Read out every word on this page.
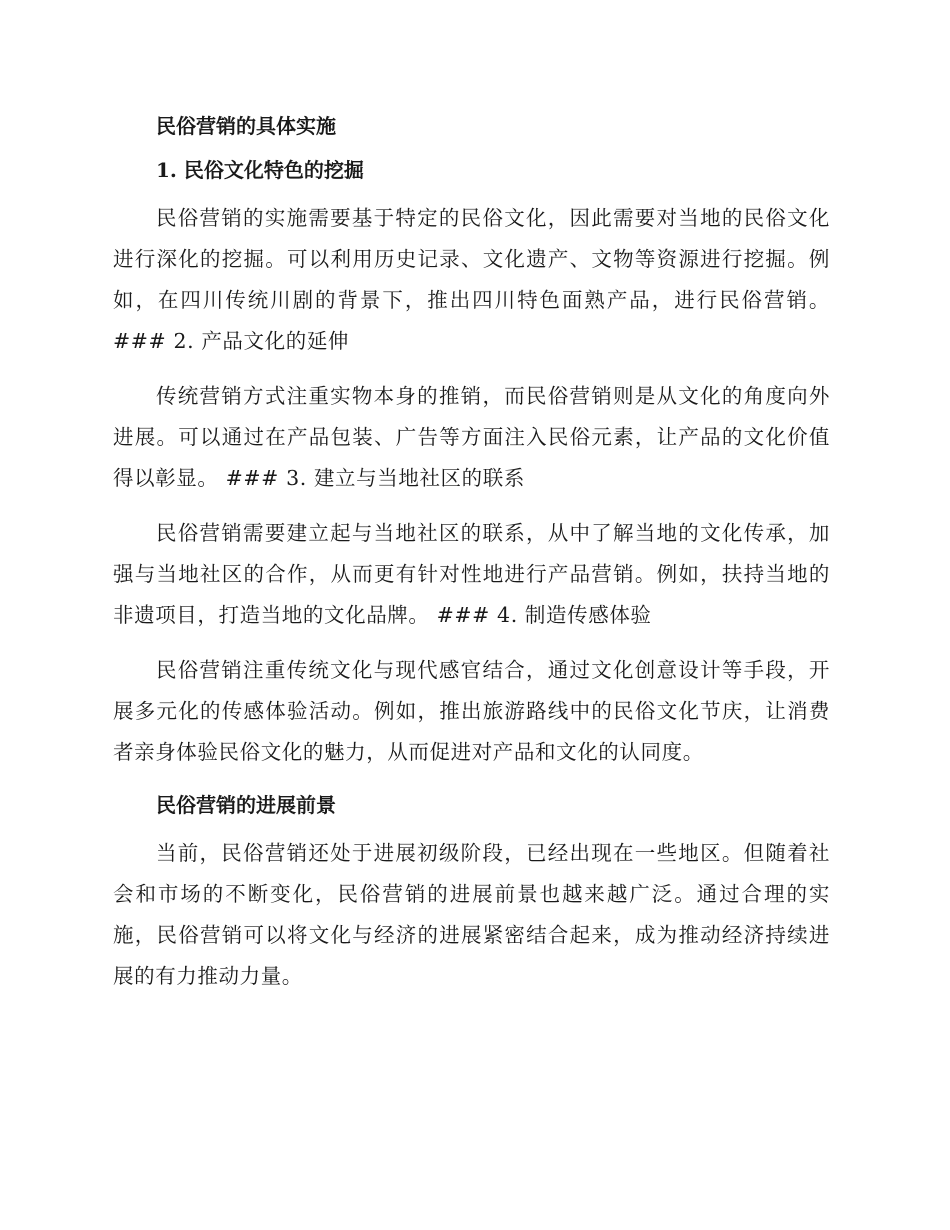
民俗营销的具体实施
1. 民俗文化特色的挖掘

民俗营销的实施需要基于特定的民俗文化，因此需要对当地的民俗文化进行深化的挖掘。可以利用历史记录、文化遗产、文物等资源进行挖掘。例如，在四川传统川剧的背景下，推出四川特色面熟产品，进行民俗营销。### 2. 产品文化的延伸

传统营销方式注重实物本身的推销，而民俗营销则是从文化的角度向外进展。可以通过在产品包装、广告等方面注入民俗元素，让产品的文化价值得以彰显。 ### 3. 建立与当地社区的联系

民俗营销需要建立起与当地社区的联系，从中了解当地的文化传承，加强与当地社区的合作，从而更有针对性地进行产品营销。例如，扶持当地的非遗项目，打造当地的文化品牌。 ### 4. 制造传感体验

民俗营销注重传统文化与现代感官结合，通过文化创意设计等手段，开展多元化的传感体验活动。例如，推出旅游路线中的民俗文化节庆，让消费者亲身体验民俗文化的魅力，从而促进对产品和文化的认同度。

民俗营销的进展前景

当前，民俗营销还处于进展初级阶段，已经出现在一些地区。但随着社会和市场的不断变化，民俗营销的进展前景也越来越广泛。通过合理的实施，民俗营销可以将文化与经济的进展紧密结合起来，成为推动经济持续进展的有力推动力量。
